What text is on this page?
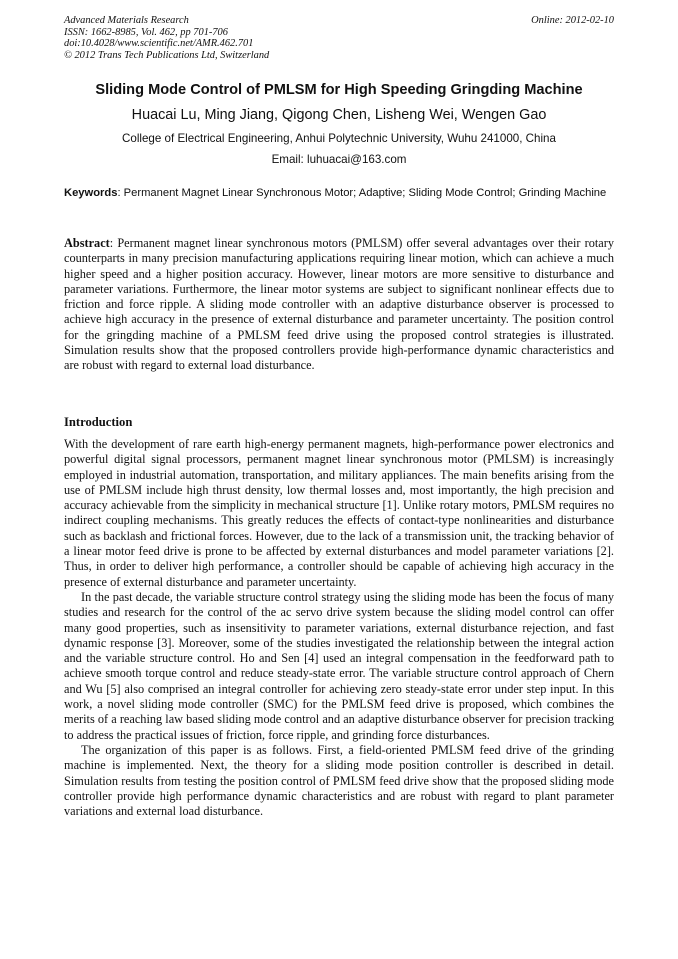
Advanced Materials Research
ISSN: 1662-8985, Vol. 462, pp 701-706
doi:10.4028/www.scientific.net/AMR.462.701
© 2012 Trans Tech Publications Ltd, Switzerland
Online: 2012-02-10
Sliding Mode Control of PMLSM for High Speeding Gringding Machine
Huacai Lu, Ming Jiang, Qigong Chen, Lisheng Wei, Wengen Gao
College of Electrical Engineering, Anhui Polytechnic University, Wuhu 241000, China
Email: luhuacai@163.com
Keywords: Permanent Magnet Linear Synchronous Motor; Adaptive; Sliding Mode Control; Grinding Machine
Abstract: Permanent magnet linear synchronous motors (PMLSM) offer several advantages over their rotary counterparts in many precision manufacturing applications requiring linear motion, which can achieve a much higher speed and a higher position accuracy. However, linear motors are more sensitive to disturbance and parameter variations. Furthermore, the linear motor systems are subject to significant nonlinear effects due to friction and force ripple. A sliding mode controller with an adaptive disturbance observer is processed to achieve high accuracy in the presence of external disturbance and parameter uncertainty. The position control for the gringding machine of a PMLSM feed drive using the proposed control strategies is illustrated. Simulation results show that the proposed controllers provide high-performance dynamic characteristics and are robust with regard to external load disturbance.
Introduction

With the development of rare earth high-energy permanent magnets, high-performance power electronics and powerful digital signal processors, permanent magnet linear synchronous motor (PMLSM) is increasingly employed in industrial automation, transportation, and military appliances. The main benefits arising from the use of PMLSM include high thrust density, low thermal losses and, most importantly, the high precision and accuracy achievable from the simplicity in mechanical structure [1]. Unlike rotary motors, PMLSM requires no indirect coupling mechanisms. This greatly reduces the effects of contact-type nonlinearities and disturbance such as backlash and frictional forces. However, due to the lack of a transmission unit, the tracking behavior of a linear motor feed drive is prone to be affected by external disturbances and model parameter variations [2]. Thus, in order to deliver high performance, a controller should be capable of achieving high accuracy in the presence of external disturbance and parameter uncertainty.

In the past decade, the variable structure control strategy using the sliding mode has been the focus of many studies and research for the control of the ac servo drive system because the sliding model control can offer many good properties, such as insensitivity to parameter variations, external disturbance rejection, and fast dynamic response [3]. Moreover, some of the studies investigated the relationship between the integral action and the variable structure control. Ho and Sen [4] used an integral compensation in the feedforward path to achieve smooth torque control and reduce steady-state error. The variable structure control approach of Chern and Wu [5] also comprised an integral controller for achieving zero steady-state error under step input. In this work, a novel sliding mode controller (SMC) for the PMLSM feed drive is proposed, which combines the merits of a reaching law based sliding mode control and an adaptive disturbance observer for precision tracking to address the practical issues of friction, force ripple, and grinding force disturbances.

The organization of this paper is as follows. First, a field-oriented PMLSM feed drive of the grinding machine is implemented. Next, the theory for a sliding mode position controller is described in detail. Simulation results from testing the position control of PMLSM feed drive show that the proposed sliding mode controller provide high performance dynamic characteristics and are robust with regard to plant parameter variations and external load disturbance.
